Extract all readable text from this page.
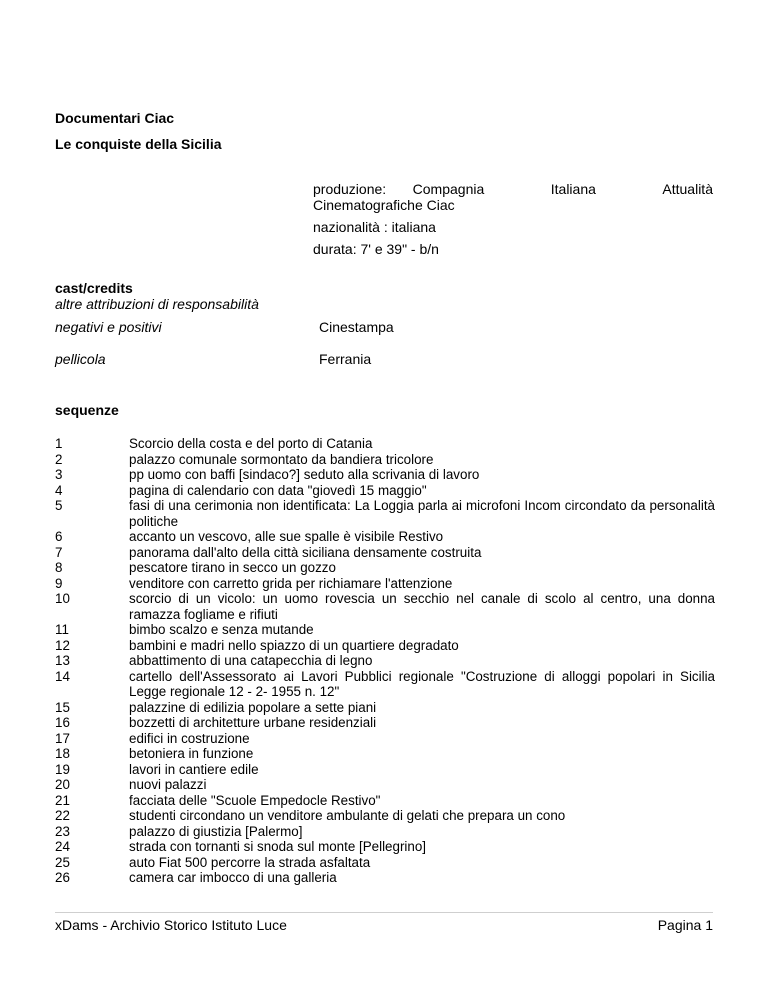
Documentari Ciac
Le conquiste della Sicilia
produzione: Compagnia	Italiana	Attualità
Cinematografiche Ciac
nazionalità : italiana
durata: 7' e 39" - b/n
cast/credits
altre attribuzioni di responsabilità
negativi e positivi	Cinestampa
pellicola	Ferrania
sequenze
1	Scorcio della costa e del porto di Catania
2	palazzo comunale sormontato da bandiera tricolore
3	pp uomo con baffi [sindaco?] seduto alla scrivania di lavoro
4	pagina di calendario con data "giovedì 15 maggio"
5	fasi di una cerimonia non identificata: La Loggia parla ai microfoni Incom circondato da personalità politiche
6	accanto un vescovo, alle sue spalle è visibile Restivo
7	panorama dall'alto della città siciliana densamente costruita
8	pescatore tirano in secco un gozzo
9	venditore con carretto grida per richiamare l'attenzione
10	scorcio di un vicolo: un uomo rovescia un secchio nel canale di scolo al centro, una donna ramazza fogliame e rifiuti
11	bimbo scalzo e senza mutande
12	bambini e madri nello spiazzo di un quartiere degradato
13	abbattimento di una catapecchia di legno
14	cartello dell'Assessorato ai Lavori Pubblici regionale "Costruzione di alloggi popolari in Sicilia Legge regionale 12 - 2- 1955 n. 12"
15	palazzine di edilizia popolare a sette piani
16	bozzetti di architetture urbane residenziali
17	edifici in costruzione
18	betoniera in funzione
19	lavori in cantiere edile
20	nuovi palazzi
21	facciata delle "Scuole Empedocle Restivo"
22	studenti circondano un venditore ambulante di gelati che prepara un cono
23	palazzo di giustizia [Palermo]
24	strada con tornanti si snoda sul monte [Pellegrino]
25	auto Fiat 500 percorre la strada asfaltata
26	camera car imbocco di una galleria
xDams - Archivio Storico Istituto Luce	Pagina 1
